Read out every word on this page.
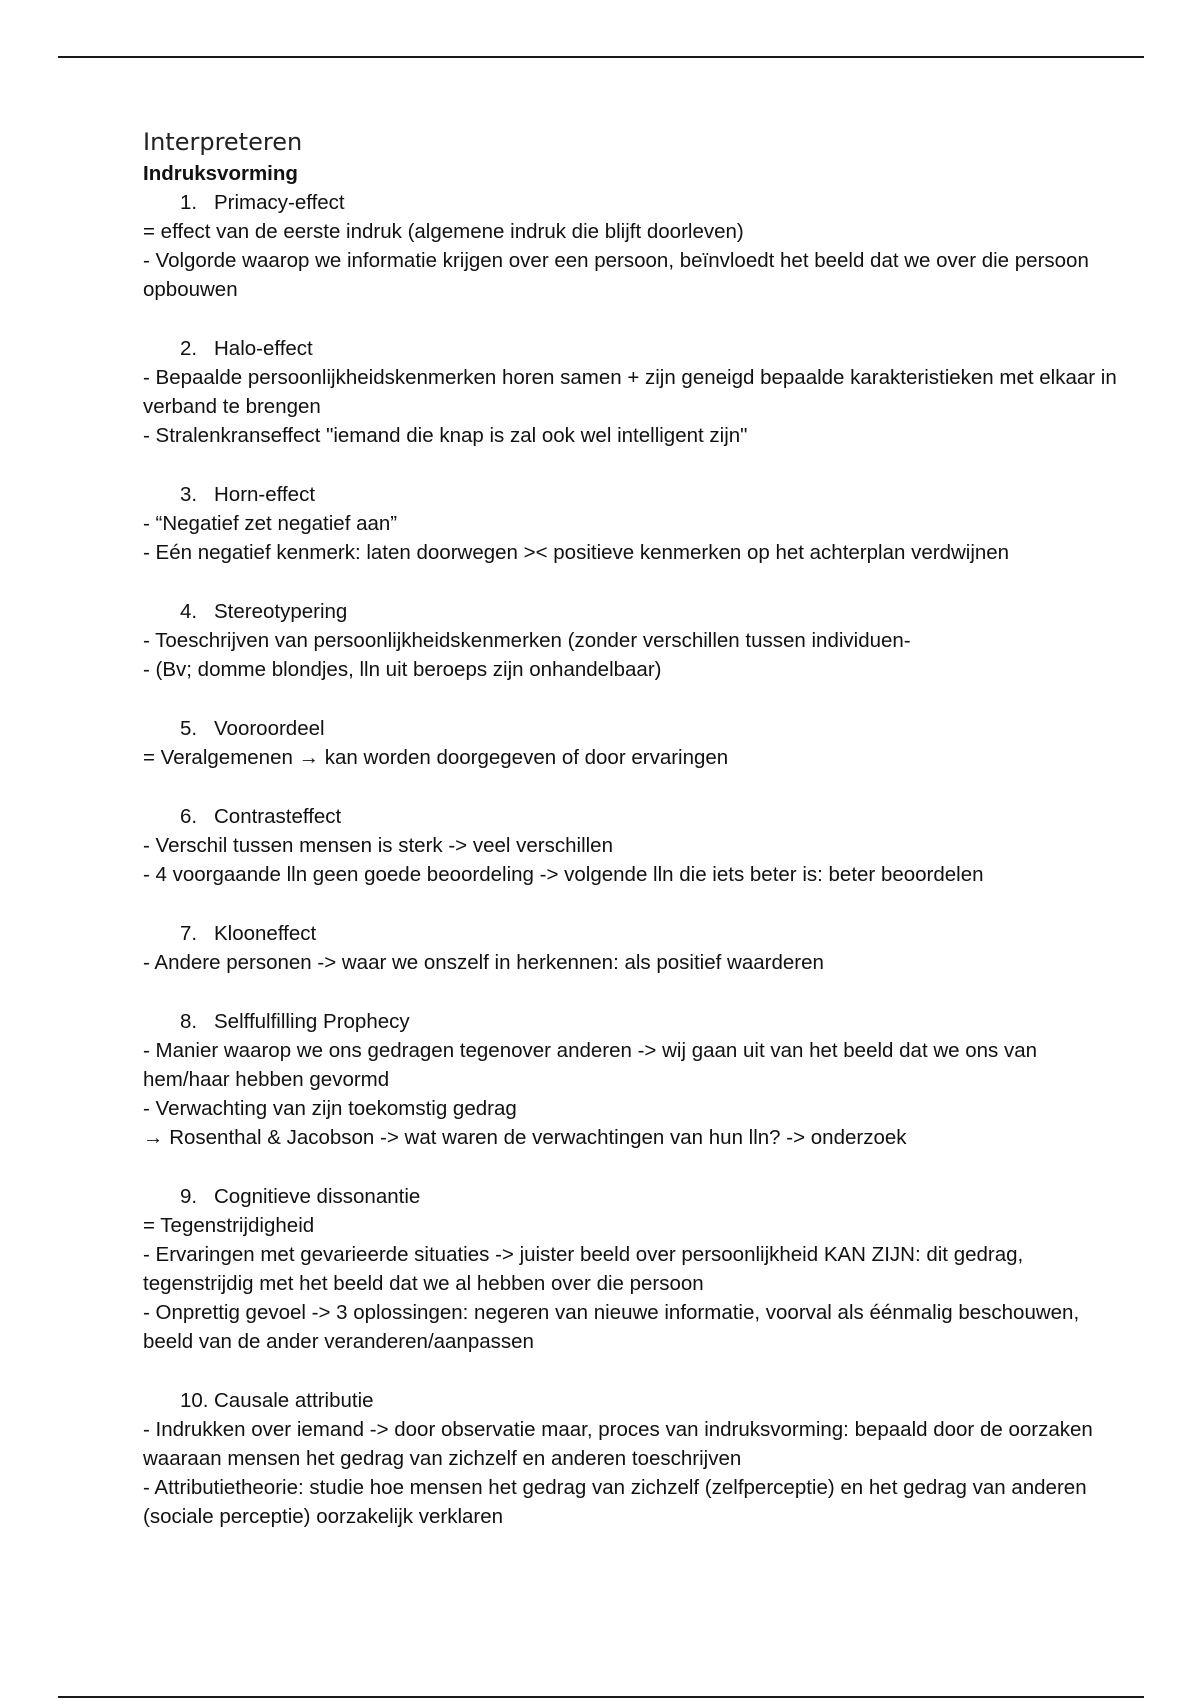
Interpreteren

Indruksvorming

1. Primacy-effect

= effect van de eerste indruk (algemene indruk die blijft doorleven)

- Volgorde waarop we informatie krijgen over een persoon, beïnvloedt het beeld dat we over die persoon opbouwen

2. Halo-effect

- Bepaalde persoonlijkheidskenmerken horen samen + zijn geneigd bepaalde karakteristieken met elkaar in verband te brengen

- Stralenkranseffect "iemand die knap is zal ook wel intelligent zijn"

3. Horn-effect

- “Negatief zet negatief aan”

- Eén negatief kenmerk: laten doorwegen >< positieve kenmerken op het achterplan verdwijnen

4. Stereotypering

- Toeschrijven van persoonlijkheidskenmerken (zonder verschillen tussen individuen-

- (Bv; domme blondjes, lln uit beroeps zijn onhandelbaar)

5. Vooroordeel

= Veralgemenen → kan worden doorgegeven of door ervaringen

6. Contrasteffect

- Verschil tussen mensen is sterk -> veel verschillen

- 4 voorgaande lln geen goede beoordeling -> volgende lln die iets beter is: beter beoordelen

7. Klooneffect

- Andere personen -> waar we onszelf in herkennen: als positief waarderen

8. Selffulfilling Prophecy

- Manier waarop we ons gedragen tegenover anderen -> wij gaan uit van het beeld dat we ons van hem/haar hebben gevormd

- Verwachting van zijn toekomstig gedrag

→ Rosenthal & Jacobson -> wat waren de verwachtingen van hun lln? -> onderzoek

9. Cognitieve dissonantie

= Tegenstrijdigheid

- Ervaringen met gevarieerde situaties -> juister beeld over persoonlijkheid KAN ZIJN: dit gedrag, tegenstrijdig met het beeld dat we al hebben over die persoon

- Onprettig gevoel -> 3 oplossingen: negeren van nieuwe informatie, voorval als éénmalig beschouwen, beeld van de ander veranderen/aanpassen

10. Causale attributie

- Indrukken over iemand -> door observatie maar, proces van indruksvorming: bepaald door de oorzaken waaraan mensen het gedrag van zichzelf en anderen toeschrijven

- Attributietheorie: studie hoe mensen het gedrag van zichzelf (zelfperceptie) en het gedrag van anderen (sociale perceptie) oorzakelijk verklaren
